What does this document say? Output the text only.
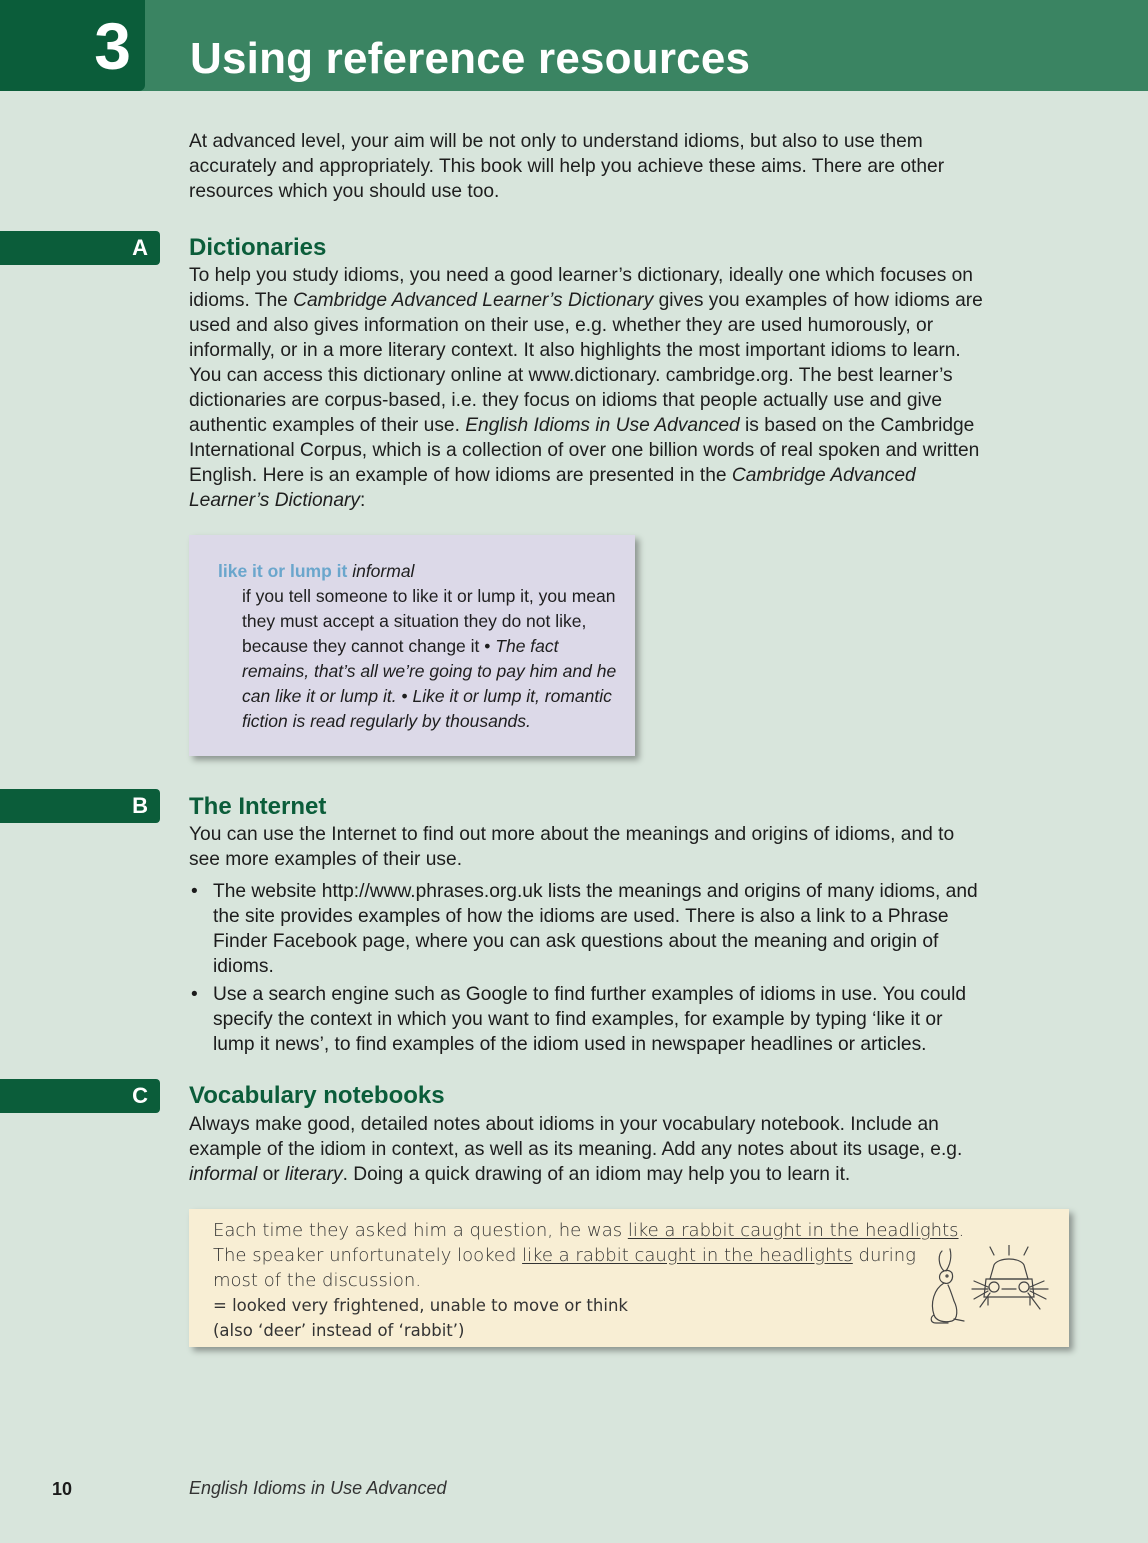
3	Using reference resources
At advanced level, your aim will be not only to understand idioms, but also to use them
accurately and appropriately. This book will help you achieve these aims. There are other
resources which you should use too.
A	Dictionaries
To help you study idioms, you need a good learner’s dictionary, ideally one which focuses on idioms. The Cambridge Advanced Learner’s Dictionary gives you examples of how idioms are used and also gives information on their use, e.g. whether they are used humorously, or informally, or in a more literary context. It also highlights the most important idioms to learn. You can access this dictionary online at www.dictionary. cambridge.org. The best learner’s dictionaries are corpus-based, i.e. they focus on idioms that people actually use and give authentic examples of their use. English Idioms in Use Advanced is based on the Cambridge International Corpus, which is a collection of over one billion words of real spoken and written English. Here is an example of how idioms are presented in the Cambridge Advanced Learner’s Dictionary:
like it or lump it informal
if you tell someone to like it or lump it, you mean they must accept a situation they do not like, because they cannot change it • The fact remains, that’s all we’re going to pay him and he can like it or lump it. • Like it or lump it, romantic fiction is read regularly by thousands.
B	The Internet
You can use the Internet to find out more about the meanings and origins of idioms, and to see more examples of their use.
• The website http://www.phrases.org.uk lists the meanings and origins of many idioms, and the site provides examples of how the idioms are used. There is also a link to a Phrase Finder Facebook page, where you can ask questions about the meaning and origin of idioms.
• Use a search engine such as Google to find further examples of idioms in use. You could specify the context in which you want to find examples, for example by typing ‘like it or lump it news’, to find examples of the idiom used in newspaper headlines or articles.
C	Vocabulary notebooks
Always make good, detailed notes about idioms in your vocabulary notebook. Include an example of the idiom in context, as well as its meaning. Add any notes about its usage, e.g. informal or literary. Doing a quick drawing of an idiom may help you to learn it.
Each time they asked him a question, he was like a rabbit caught in the headlights.
The speaker unfortunately looked like a rabbit caught in the headlights during
most of the discussion.
= looked very frightened, unable to move or think
(also ‘deer’ instead of ‘rabbit’)
10	English Idioms in Use Advanced
